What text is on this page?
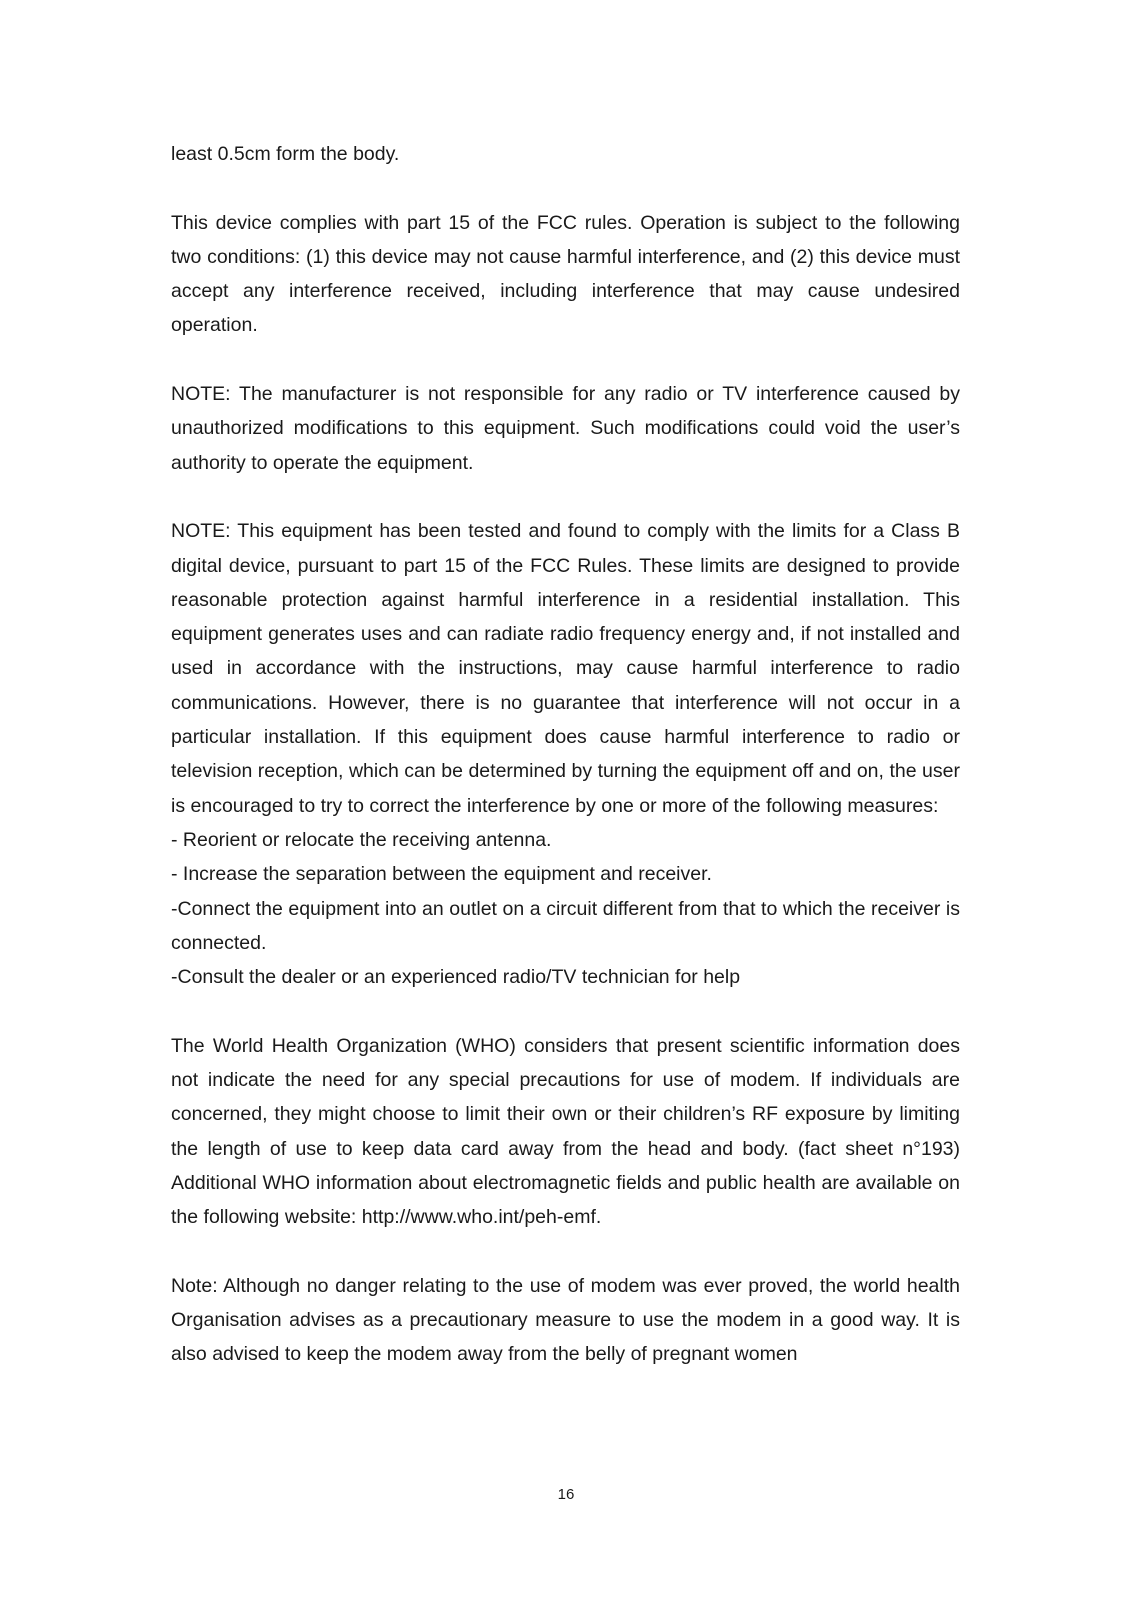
least 0.5cm form the body.

This device complies with part 15 of the FCC rules. Operation is subject to the following two conditions: (1) this device may not cause harmful interference, and (2) this device must accept any interference received, including interference that may cause undesired operation.

NOTE: The manufacturer is not responsible for any radio or TV interference caused by unauthorized modifications to this equipment. Such modifications could void the user’s authority to operate the equipment.

NOTE: This equipment has been tested and found to comply with the limits for a Class B digital device, pursuant to part 15 of the FCC Rules. These limits are designed to provide reasonable protection against harmful interference in a residential installation. This equipment generates uses and can radiate radio frequency energy and, if not installed and used in accordance with the instructions, may cause harmful interference to radio communications. However, there is no guarantee that interference will not occur in a particular installation. If this equipment does cause harmful interference to radio or television reception, which can be determined by turning the equipment off and on, the user is encouraged to try to correct the interference by one or more of the following measures:

- Reorient or relocate the receiving antenna.
- Increase the separation between the equipment and receiver.
-Connect the equipment into an outlet on a circuit different from that to which the receiver is connected.
-Consult the dealer or an experienced radio/TV technician for help

The World Health Organization (WHO) considers that present scientific information does not indicate the need for any special precautions for use of modem. If individuals are concerned, they might choose to limit their own or their children’s RF exposure by limiting the length of use to keep data card away from the head and body. (fact sheet n°193) Additional WHO information about electromagnetic fields and public health are available on the following website: http://www.who.int/peh-emf.

Note: Although no danger relating to the use of modem was ever proved, the world health Organisation advises as a precautionary measure to use the modem in a good way. It is also advised to keep the modem away from the belly of pregnant women

16
